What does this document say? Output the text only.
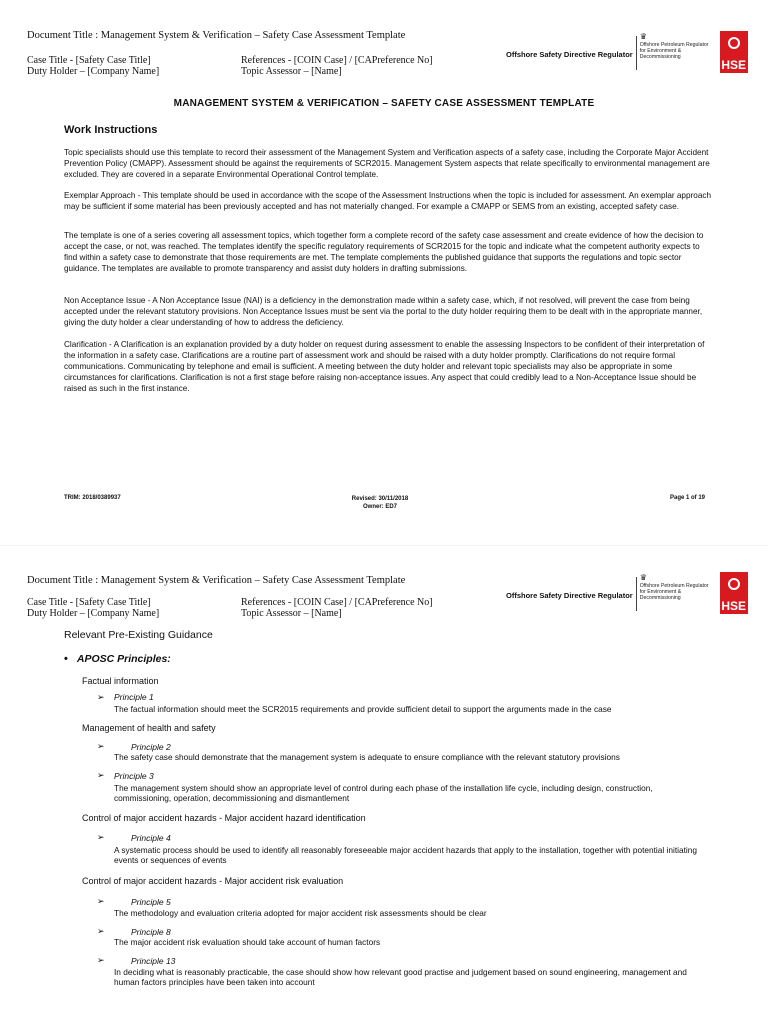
Document Title : Management System & Verification – Safety Case Assessment Template
Case Title - [Safety Case Title]
Duty Holder – [Company Name]
References - [COIN Case] / [CAPreference No]
Topic Assessor – [Name]
Offshore Safety Directive Regulator
♛
Offshore Petroleum Regulator
for Environment & Decommissioning
HSE
MANAGEMENT SYSTEM & VERIFICATION – SAFETY CASE ASSESSMENT TEMPLATE
Work Instructions
Topic specialists should use this template to record their assessment of the Management System and Verification aspects of a safety case, including the Corporate Major Accident Prevention Policy (CMAPP). Assessment should be against the requirements of SCR2015. Management System aspects that relate specifically to environmental management are excluded. They are covered in a separate Environmental Operational Control template.
Exemplar Approach - This template should be used in accordance with the scope of the Assessment Instructions when the topic is included for assessment. An exemplar approach may be sufficient if some material has been previously accepted and has not materially changed. For example a CMAPP or SEMS from an existing, accepted safety case.
The template is one of a series covering all assessment topics, which together form a complete record of the safety case assessment and create evidence of how the decision to accept the case, or not, was reached. The templates identify the specific regulatory requirements of SCR2015 for the topic and indicate what the competent authority expects to find within a safety case to demonstrate that those requirements are met. The template complements the published guidance that supports the regulations and topic sector guidance. The templates are available to promote transparency and assist duty holders in drafting submissions.
Non Acceptance Issue - A Non Acceptance Issue (NAI) is a deficiency in the demonstration made within a safety case, which, if not resolved, will prevent the case from being accepted under the relevant statutory provisions. Non Acceptance Issues must be sent via the portal to the duty holder requiring them to be dealt with in the appropriate manner, giving the duty holder a clear understanding of how to address the deficiency.
Clarification - A Clarification is an explanation provided by a duty holder on request during assessment to enable the assessing Inspectors to be confident of their interpretation of the information in a safety case. Clarifications are a routine part of assessment work and should be raised with a duty holder promptly. Clarifications do not require formal communications. Communicating by telephone and email is sufficient. A meeting between the duty holder and relevant topic specialists may also be appropriate in some circumstances for clarifications. Clarification is not a first stage before raising non-acceptance issues. Any aspect that could credibly lead to a Non-Acceptance Issue should be raised as such in the first instance.
TRIM: 2018/0389937	Revised: 30/11/2018
Owner: ED7
Page 1 of 19
Document Title : Management System & Verification – Safety Case Assessment Template
Case Title - [Safety Case Title]
Duty Holder – [Company Name]
References - [COIN Case] / [CAPreference No]
Topic Assessor – [Name]
Offshore Safety Directive Regulator
♛
Offshore Petroleum Regulator
for Environment & Decommissioning
HSE
Relevant Pre-Existing Guidance
• APOSC Principles:
Factual information
➢ Principle 1
The factual information should meet the SCR2015 requirements and provide sufficient detail to support the arguments made in the case
Management of health and safety
➢	Principle 2
The safety case should demonstrate that the management system is adequate to ensure compliance with the relevant statutory provisions
➢ Principle 3
The management system should show an appropriate level of control during each phase of the installation life cycle, including design, construction, commissioning, operation, decommissioning and dismantlement
Control of major accident hazards - Major accident hazard identification
➢	Principle 4
A systematic process should be used to identify all reasonably foreseeable major accident hazards that apply to the installation, together with potential initiating events or sequences of events
Control of major accident hazards - Major accident risk evaluation
➢	Principle 5
The methodology and evaluation criteria adopted for major accident risk assessments should be clear
➢	Principle 8
The major accident risk evaluation should take account of human factors
➢	Principle 13
In deciding what is reasonably practicable, the case should show how relevant good practise and judgement based on sound engineering, management and human factors principles have been taken into account
